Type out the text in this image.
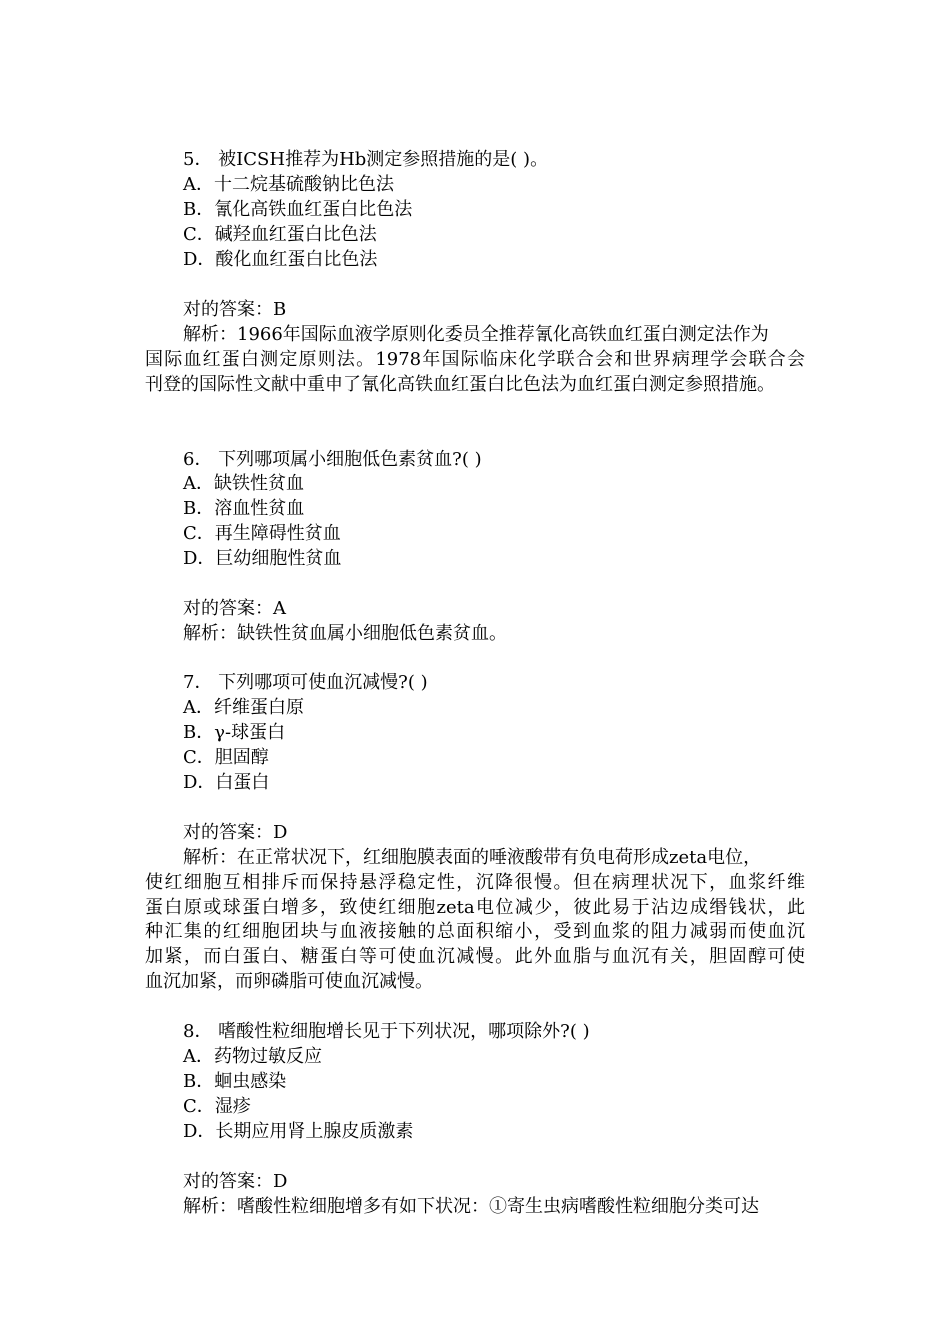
5． 被ICSH推荐为Hb测定参照措施的是( )。
A．十二烷基硫酸钠比色法
B．氰化高铁血红蛋白比色法
C．碱羟血红蛋白比色法
D．酸化血红蛋白比色法
对的答案：B
解析：1966年国际血液学原则化委员全推荐氰化高铁血红蛋白测定法作为
国际血红蛋白测定原则法。1978年国际临床化学联合会和世界病理学会联合会
刊登的国际性文献中重申了氰化高铁血红蛋白比色法为血红蛋白测定参照措施。
6． 下列哪项属小细胞低色素贫血?( )
A．缺铁性贫血
B．溶血性贫血
C．再生障碍性贫血
D．巨幼细胞性贫血
对的答案：A
解析：缺铁性贫血属小细胞低色素贫血。
7． 下列哪项可使血沉减慢?( )
A．纤维蛋白原
B．γ-球蛋白
C．胆固醇
D．白蛋白
对的答案：D
解析：在正常状况下，红细胞膜表面的唾液酸带有负电荷形成zeta电位，
使红细胞互相排斥而保持悬浮稳定性，沉降很慢。但在病理状况下，血浆纤维
蛋白原或球蛋白增多，致使红细胞zeta电位减少，彼此易于沾边成缗钱状，此
种汇集的红细胞团块与血液接触的总面积缩小，受到血浆的阻力减弱而使血沉
加紧，而白蛋白、糖蛋白等可使血沉减慢。此外血脂与血沉有关，胆固醇可使
血沉加紧，而卵磷脂可使血沉减慢。
8． 嗜酸性粒细胞增长见于下列状况，哪项除外?( )
A．药物过敏反应
B．蛔虫感染
C．湿疹
D．长期应用肾上腺皮质激素
对的答案：D
解析：嗜酸性粒细胞增多有如下状况：①寄生虫病嗜酸性粒细胞分类可达
